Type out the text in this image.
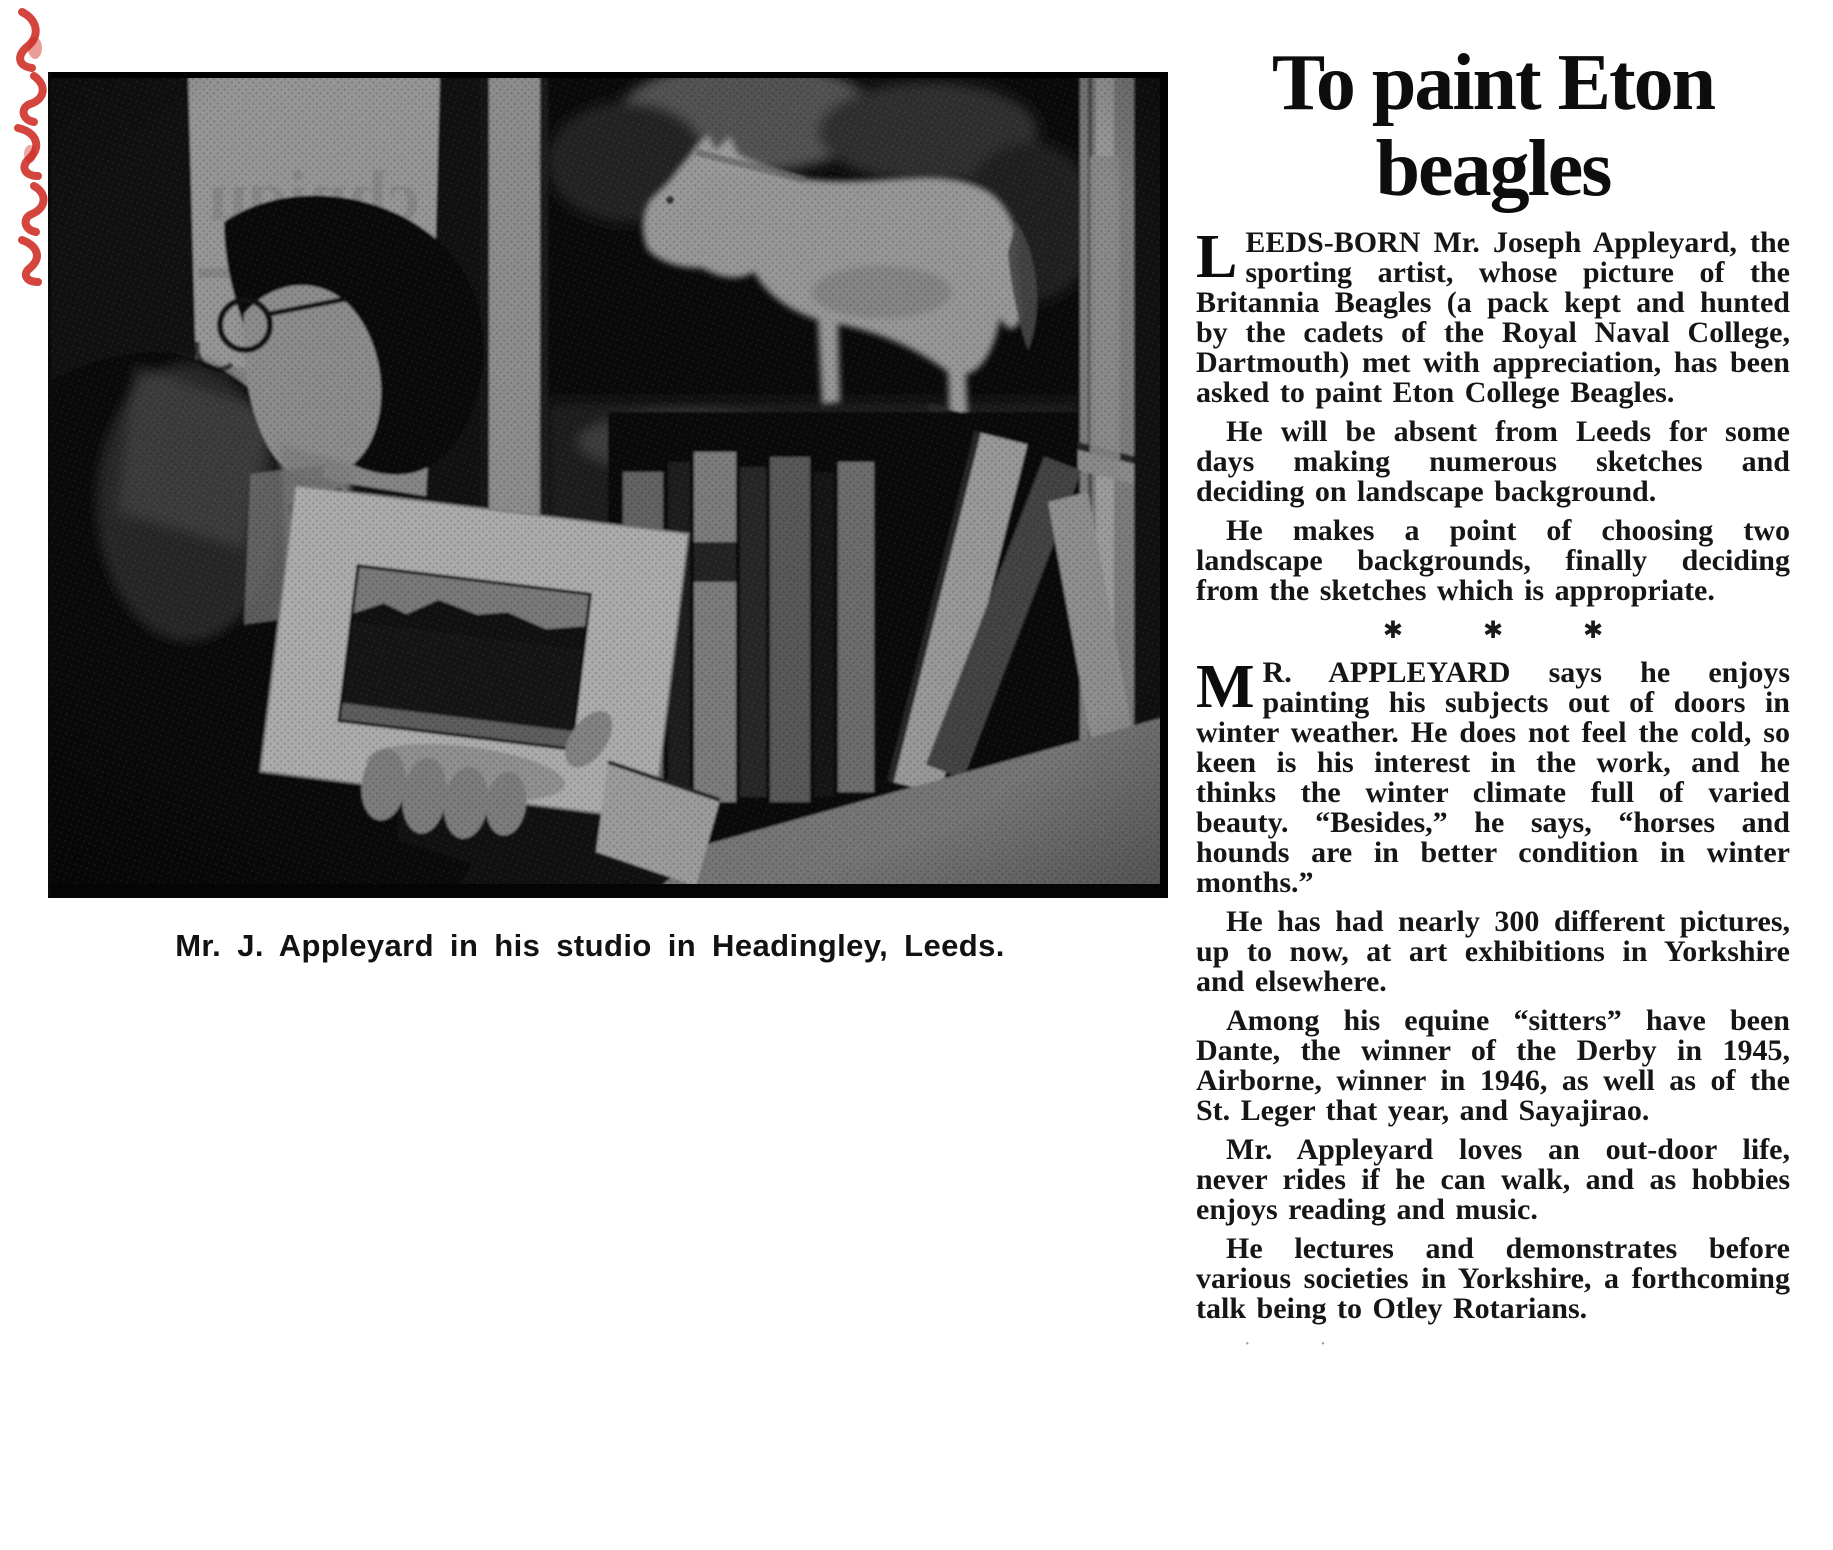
Mr. J. Appleyard in his studio in Headingley, Leeds.
To paint Eton
beagles

LEEDS-BORN Mr. Joseph Appleyard, the sporting artist, whose picture of the Britannia Beagles (a pack kept and hunted by the cadets of the Royal Naval College, Dartmouth) met with appreciation, has been asked to paint Eton College Beagles.

He will be absent from Leeds for some days making numerous sketches and deciding on landscape background.

He makes a point of choosing two landscape backgrounds, finally deciding from the sketches which is appropriate.

✱	✱	✱

M R. APPLEYARD says he enjoys painting his subjects out of doors in winter weather. He does not feel the cold, so keen is his interest in the work, and he thinks the winter climate full of varied beauty. “Besides,” he says, “horses and hounds are in better condition in winter months.”

He has had nearly 300 different pictures, up to now, at art exhibitions in Yorkshire and elsewhere.

Among his equine “sitters” have been Dante, the winner of the Derby in 1945, Airborne, winner in 1946, as well as of the St. Leger that year, and Sayajirao.

Mr. Appleyard loves an out-door life, never rides if he can walk, and as hobbies enjoys reading and music.

He lectures and demonstrates before various societies in Yorkshire, a forthcoming talk being to Otley Rotarians.

· ·
